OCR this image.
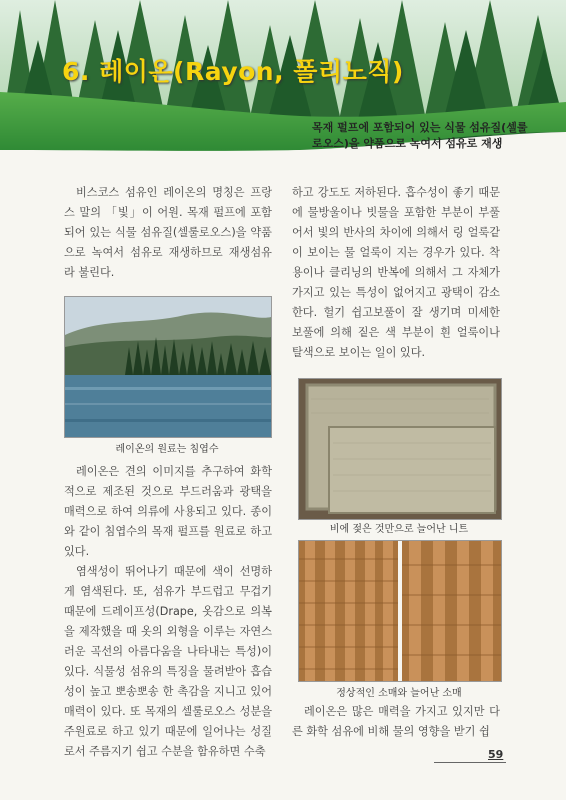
6. 레이온(Rayon, 폴리노직)
목재 펄프에 포함되어 있는 식물 섬유질(셀룰로오스)을 약품으로 녹여서 섬유로 재생

비스코스 섬유인 레이온의 명칭은 프랑스 말의 「빛」이 어원. 목재 펄프에 포함되어 있는 식물 섬유질(셀룰로오스)을 약품으로 녹여서 섬유로 재생하므로 재생섬유라 불린다.

레이온의 원료는 침엽수

레이온은 견의 이미지를 추구하여 화학적으로 제조된 것으로 부드러움과 광택을 매력으로 하여 의류에 사용되고 있다. 종이와 같이 침엽수의 목재 펄프를 원료로 하고 있다.

염색성이 뛰어나기 때문에 색이 선명하게 염색된다. 또, 섬유가 부드럽고 무겁기 때문에 드레이프성(Drape, 옷감으로 의복을 제작했을 때 옷의 외형을 이루는 자연스러운 곡선의 아름다움을 나타내는 특성)이 있다. 식물성 섬유의 특징을 물려받아 흡습성이 높고 뽀송뽀송 한 촉감을 지니고 있어 매력이 있다. 또 목재의 셀룰로오스 성분을 주원료로 하고 있기 때문에 일어나는 성질로서 주름지기 쉽고 수분을 함유하면 수축

하고 강도도 저하된다. 흡수성이 좋기 때문에 물방울이나 빗물을 포함한 부분이 부풀어서 빛의 반사의 차이에 의해서 링 얼룩같이 보이는 물 얼룩이 지는 경우가 있다. 착용이나 클리닝의 반복에 의해서 그 자체가 가지고 있는 특성이 없어지고 광택이 감소한다. 헐기 쉽고보풀이 잘 생기며 미세한 보풀에 의해 짙은 색 부분이 흰 얼룩이나 탈색으로 보이는 일이 있다.

비에 젖은 것만으로 늘어난 니트
정상적인 소매와 늘어난 소매

레이온은 많은 매력을 가지고 있지만 다른 화학 섬유에 비해 물의 영향을 받기 쉽

59
